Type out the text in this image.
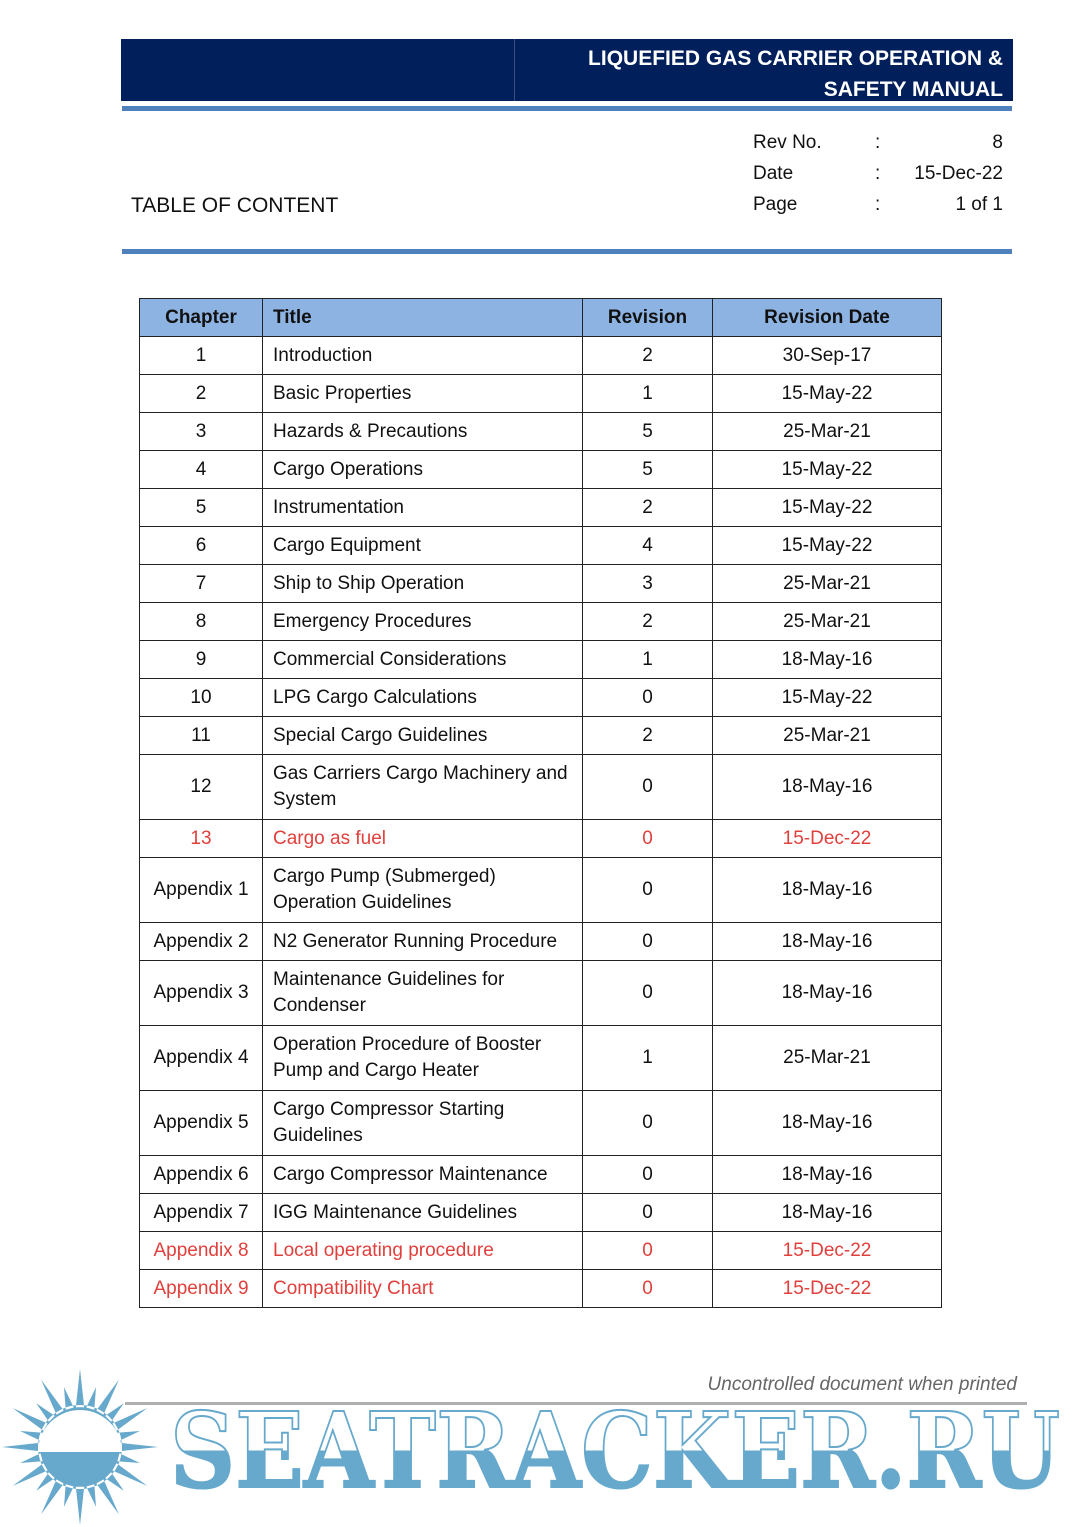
LIQUEFIED GAS CARRIER OPERATION &
SAFETY MANUAL
Rev No.	:	8
Date	: 15-Dec-22
Page	:	1 of 1
TABLE OF CONTENT
Chapter	Title	Revision	Revision Date
1	Introduction	2	30-Sep-17
2	Basic Properties	1	15-May-22
3	Hazards & Precautions	5	25-Mar-21
4	Cargo Operations	5	15-May-22
5	Instrumentation	2	15-May-22
6	Cargo Equipment	4	15-May-22
7	Ship to Ship Operation	3	25-Mar-21
8	Emergency Procedures	2	25-Mar-21
9	Commercial Considerations	1	18-May-16
10	LPG Cargo Calculations	0	15-May-22
11	Special Cargo Guidelines	2	25-Mar-21
12	Gas Carriers Cargo Machinery and System	0	18-May-16
13	Cargo as fuel	0	15-Dec-22
Appendix 1	Cargo Pump (Submerged) Operation Guidelines	0	18-May-16
Appendix 2	N2 Generator Running Procedure	0	18-May-16
Appendix 3	Maintenance Guidelines for Condenser	0	18-May-16
Appendix 4	Operation Procedure of Booster Pump and Cargo Heater	1	25-Mar-21
Appendix 5	Cargo Compressor Starting Guidelines	0	18-May-16
Appendix 6	Cargo Compressor Maintenance	0	18-May-16
Appendix 7	IGG Maintenance Guidelines	0	18-May-16
Appendix 8	Local operating procedure	0	15-Dec-22
Appendix 9	Compatibility Chart	0	15-Dec-22
Uncontrolled document when printed
SEATRACKER.RU
